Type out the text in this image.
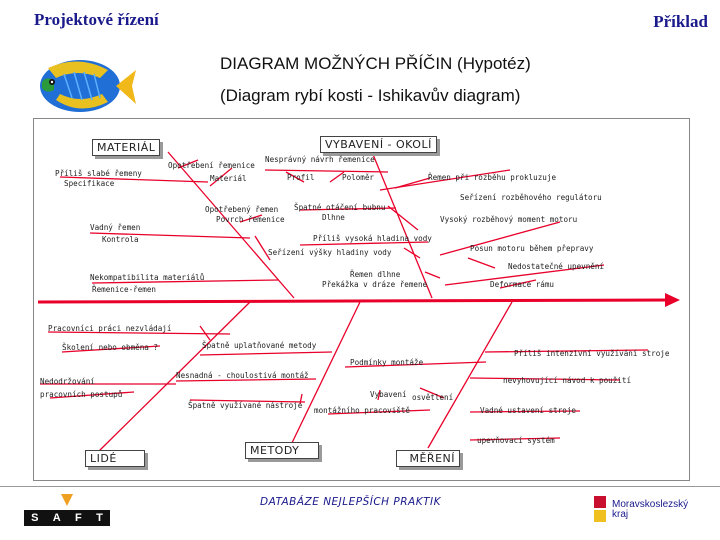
Projektové řízení	Příklad
DIAGRAM MOŽNÝCH PŘÍČIN (Hypotéz)
(Diagram rybí kosti - Ishikavův diagram)
MATERIÁL	VYBAVENÍ - OKOLÍ
LIDÉ
METODY
MĚŘENÍ
Opotřebení řemenice
Nesprávný návrh řemenice
Příliš slabé řemeny
Specifikace
Materiál	Profil	Poloměr	Řemen při rozběhu prokluzuje
Seřízení rozběhového regulátoru
Opotřebený řemen Špatné otáčení bubnu
Povrch řemenice	Dlhne	Vysoký rozběhový moment motoru
Vadný řemen
Kontrola	Příliš vysoká hladina vody
Seřízení výšky hladiny vody	Posun motoru během přepravy
Nedostatečné upevnění
Řemen dlhne
Nekompatibilita materiálů
Řemenice-řemen
Překážka v dráze řemene	Deformace rámu
Pracovníci práci nezvládají
Školení nebo obměna ?	Špatně uplatňované metody
Podmínky montáže
Příliš intenzivní využívání stroje
Nedodržování
pracovních postupů
Nesnadná - choulostivá montáž
nevyhovující návod k použití
Vybavení osvětlení
Špatně využívané nástroje
montážního pracoviště	Vadné ustavení stroje
upevňovací systém
S A F T
DATABÁZE NEJLEPŠÍCH PRAKTIK	Moravskoslezský
kraj
